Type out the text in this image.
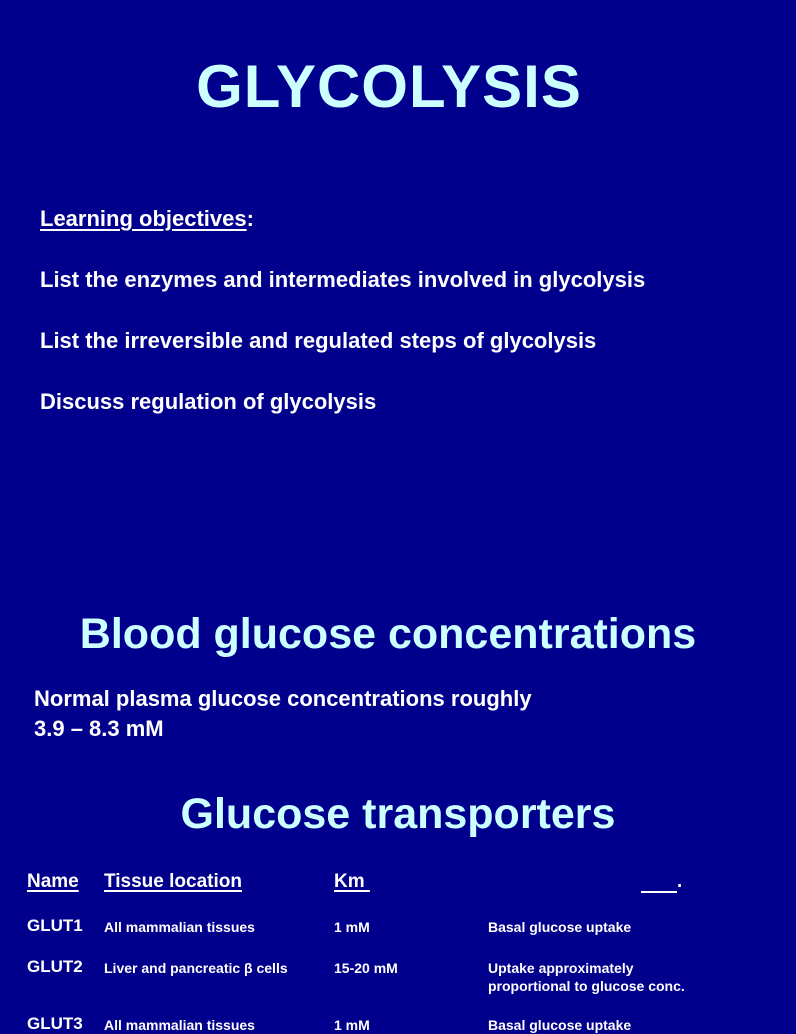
GLYCOLYSIS
Learning objectives:
List the enzymes and intermediates involved in glycolysis
List the irreversible and regulated steps of glycolysis
Discuss regulation of glycolysis
Blood glucose concentrations
Normal plasma glucose concentrations roughly
3.9 – 8.3 mM
Glucose transporters
Name Tissue location	Km	.
GLUT1 All mammalian tissues	1 mM	Basal glucose uptake
GLUT2 Liver and pancreatic β cells	15-20 mM	Uptake approximately
proportional to glucose conc.
GLUT3 All mammalian tissues	1 mM	Basal glucose uptake
